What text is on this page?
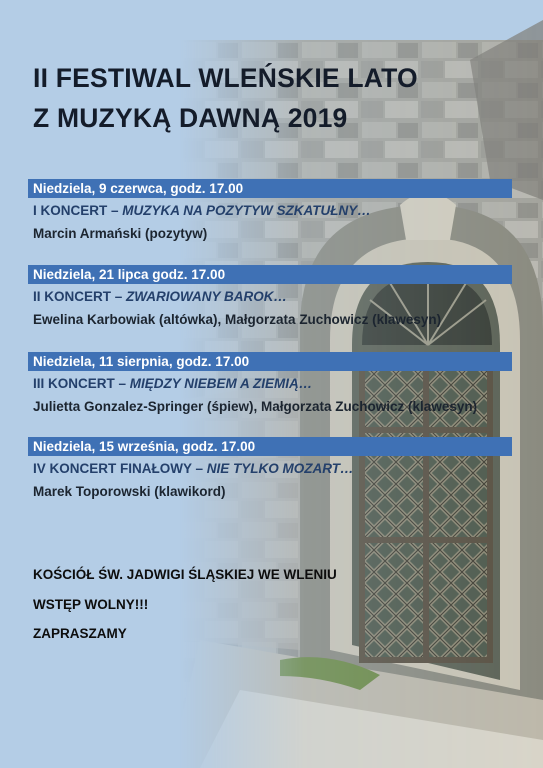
II FESTIWAL WLEŃSKIE LATO
Z MUZYKĄ DAWNĄ 2019
Niedziela, 9 czerwca, godz. 17.00
I KONCERT – MUZYKA NA POZYTYW SZKATUŁNY…
Marcin Armański (pozytyw)
Niedziela, 21 lipca godz. 17.00
II KONCERT – ZWARIOWANY BAROK…
Ewelina Karbowiak (altówka), Małgorzata Zuchowicz (klawesyn)
Niedziela, 11 sierpnia, godz. 17.00
III KONCERT – MIĘDZY NIEBEM A ZIEMIĄ…
Julietta Gonzalez-Springer (śpiew), Małgorzata Zuchowicz (klawesyn)
Niedziela, 15 września, godz. 17.00
IV KONCERT FINAŁOWY – NIE TYLKO MOZART…
Marek Toporowski (klawikord)

KOŚCIÓŁ ŚW. JADWIGI ŚLĄSKIEJ WE WLENIU

WSTĘP WOLNY!!!

ZAPRASZAMY
